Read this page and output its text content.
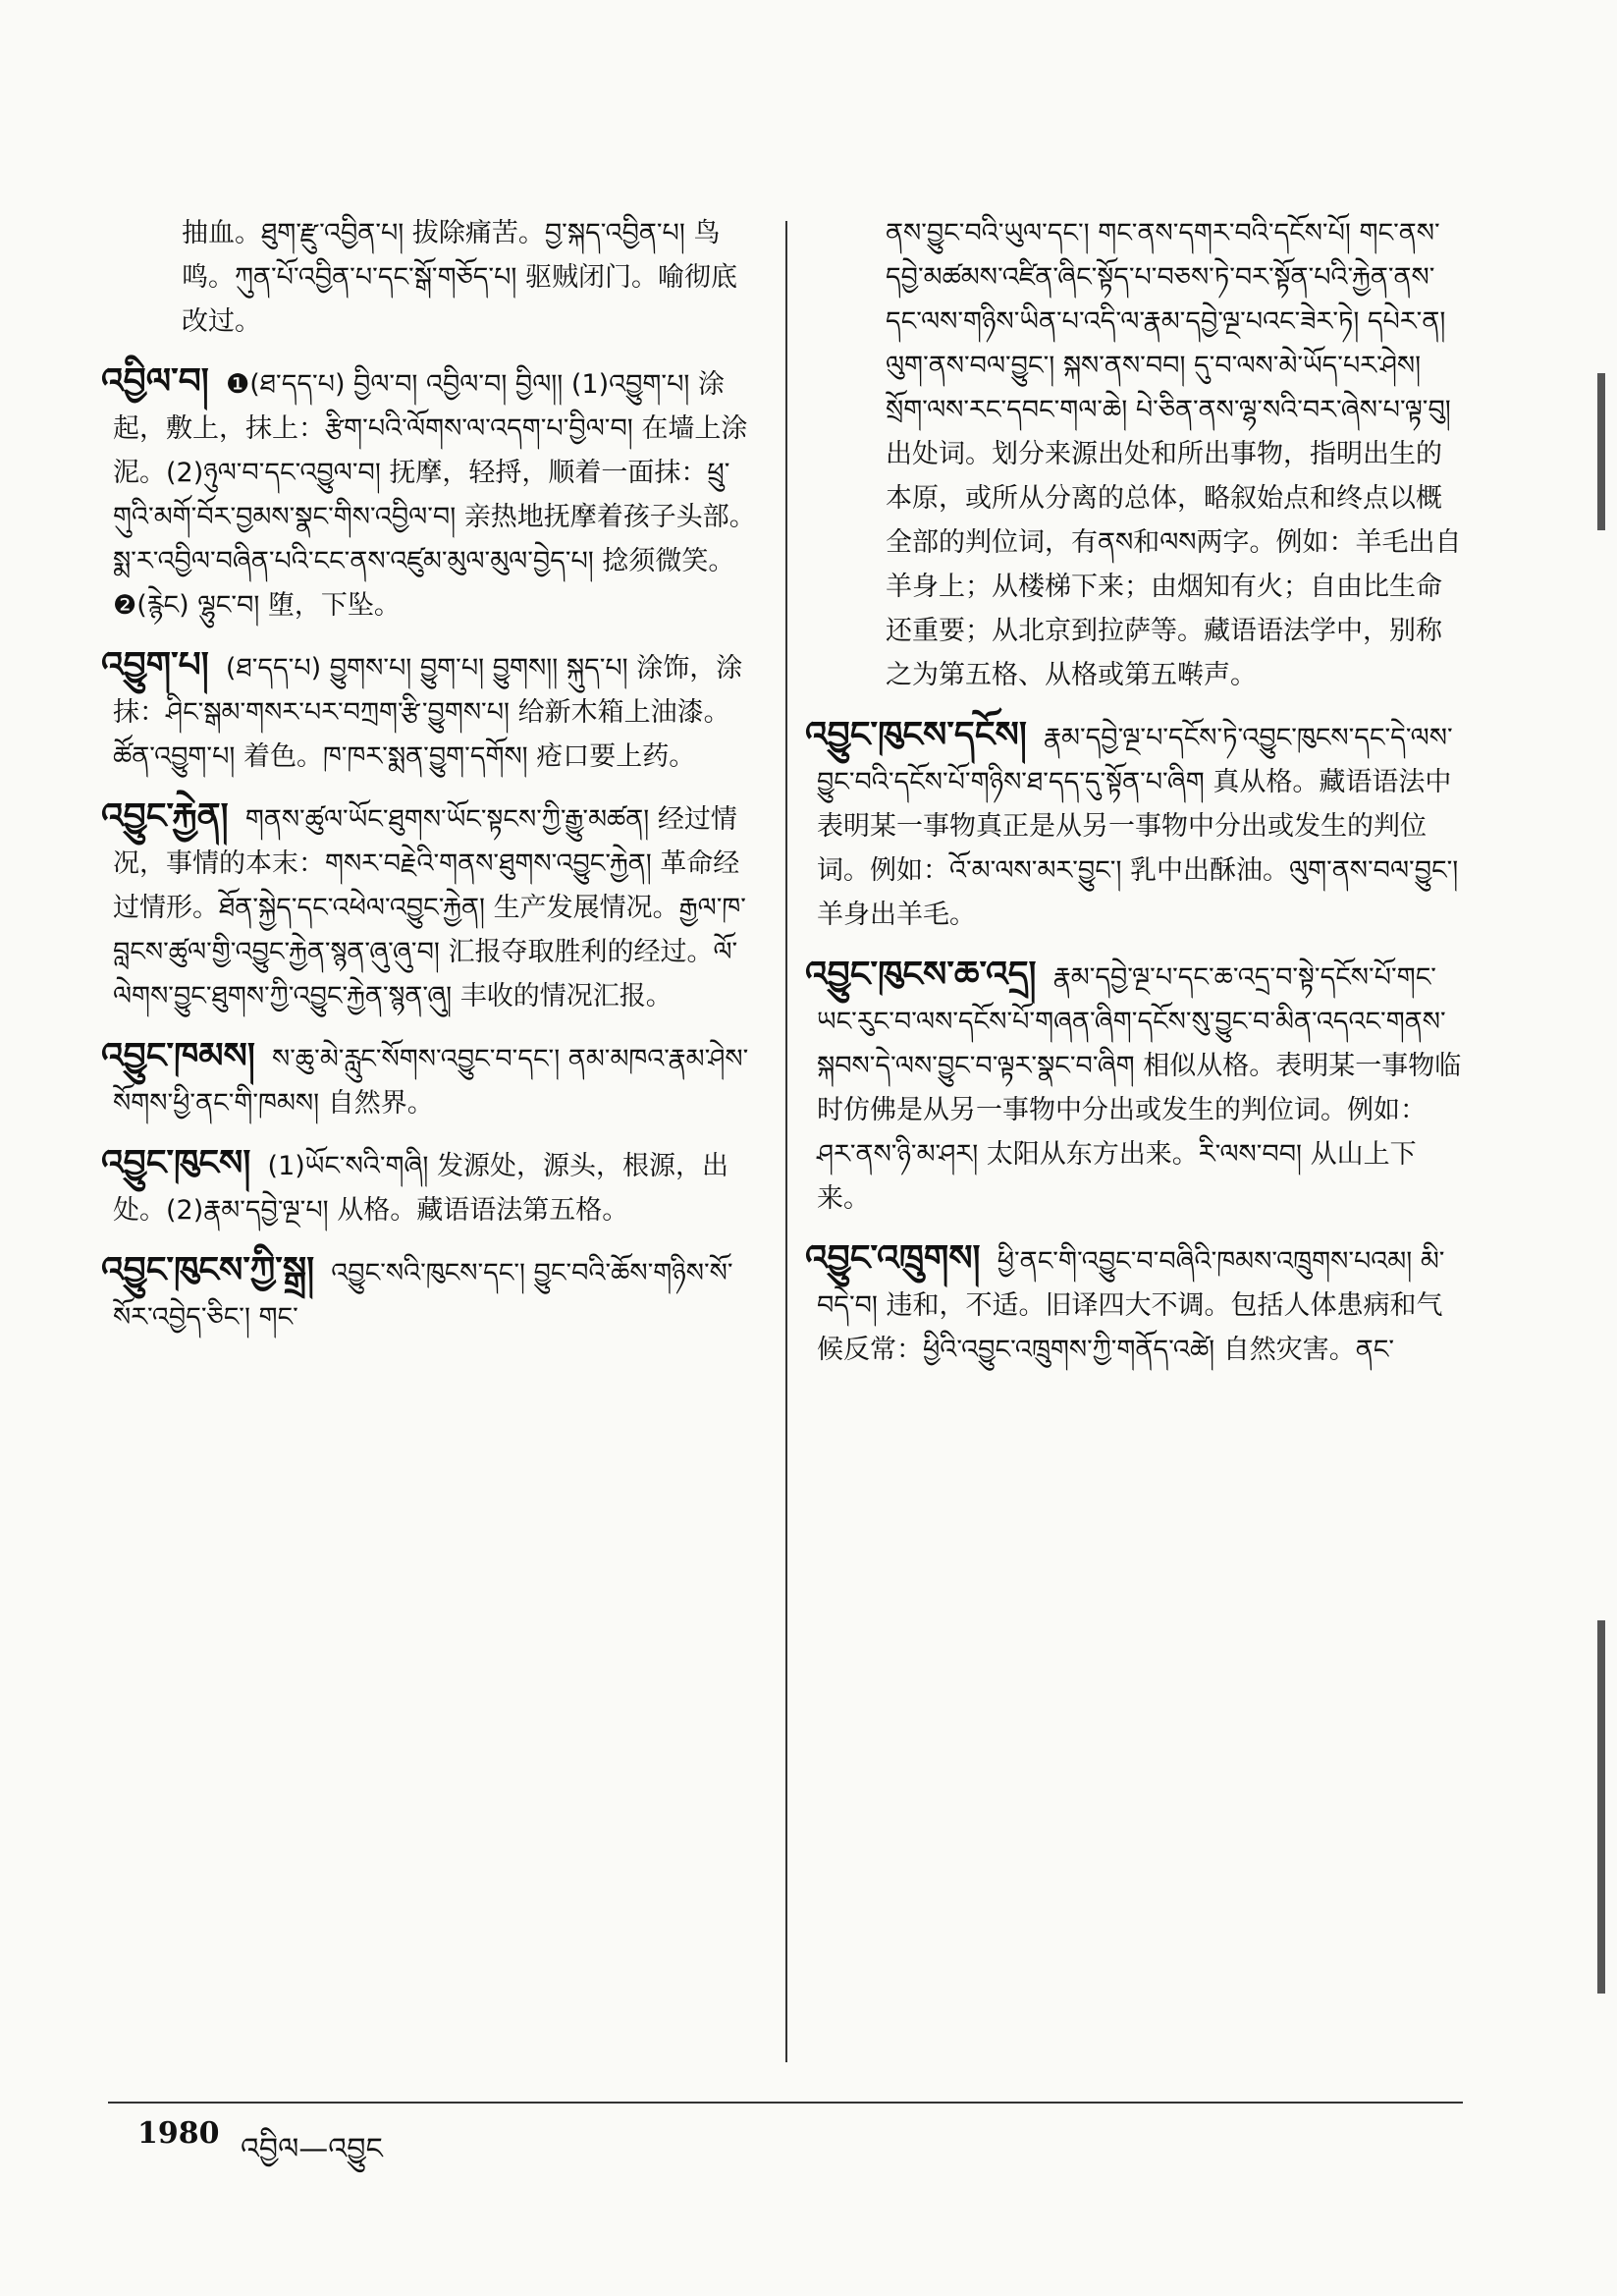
抽血。ཐུག་རྫུ་འབྱིན་པ། 拔除痛苦。བྱ་སྐད་འབྱིན་པ། 鸟鸣。ཀུན་པོ་འབྱིན་པ་དང་སྒོ་གཅོད་པ། 驱贼闭门。喻彻底改过。

འབྱིལ་བ། ❶(ཐ་དད་པ) བྱིལ་བ། འབྱིལ་བ། བྱིལ།། (1)འབྱུག་པ། 涂起，敷上，抹上：རྩིག་པའི་ལོགས་ལ་འདག་པ་བྱིལ་བ། 在墙上涂泥。(2)ཉུལ་བ་དང་འབྱུལ་བ། 抚摩，轻捋，顺着一面抹：ཕྲུ་གུའི་མགོ་བོར་བྱམས་སྣང་གིས་འབྱིལ་བ། 亲热地抚摩着孩子头部。སྨ་ར་འབྱིལ་བཞིན་པའི་ངང་ནས་འཛུམ་མུལ་མུལ་བྱེད་པ། 捻须微笑。❷(རྙེང) ལྷུང་བ། 堕，下坠。

འབྱུག་པ། (ཐ་དད་པ) བྱུགས་པ། བྱུག་པ། བྱུགས།། སྐུད་པ། 涂饰，涂抹：ཤིང་སྒམ་གསར་པར་བཀྲག་རྩི་བྱུགས་པ། 给新木箱上油漆。ཚོན་འབྱུག་པ། 着色。ཁ་ཁར་སྨན་བྱུག་དགོས། 疮口要上药。

འབྱུང་རྐྱེན། གནས་ཚུལ་ཡོང་ཐུགས་ཡོང་སྟངས་ཀྱི་རྒྱུ་མཚན། 经过情况，事情的本末：གསར་བརྗེའི་གནས་ཐུགས་འབྱུང་རྐྱེན། 革命经过情形。ཐོན་སྐྱེད་དང་འཕེལ་འབྱུང་རྐྱེན། 生产发展情况。རྒྱལ་ཁ་བླངས་ཚུལ་གྱི་འབྱུང་རྐྱེན་སྙན་ཞུ་ཞུ་བ། 汇报夺取胜利的经过。ལོ་ལེགས་བྱུང་ཐུགས་ཀྱི་འབྱུང་རྐྱེན་སྙན་ཞུ། 丰收的情况汇报。

འབྱུང་ཁམས། ས་ཆུ་མེ་རླུང་སོགས་འབྱུང་བ་དང་། ནམ་མཁའ་རྣམ་ཤེས་སོགས་ཕྱི་ནང་གི་ཁམས། 自然界。

འབྱུང་ཁུངས། (1)ཡོང་སའི་གཞི། 发源处，源头，根源，出处。(2)རྣམ་དབྱེ་ལྔ་པ། 从格。藏语语法第五格。

འབྱུང་ཁུངས་ཀྱི་སྒྲ། འབྱུང་སའི་ཁུངས་དང་། བྱུང་བའི་ཆོས་གཉིས་སོ་སོར་འབྱེད་ཅིང་། གང་

ནས་བྱུང་བའི་ཡུལ་དང་། གང་ནས་དགར་བའི་དངོས་པོ། གང་ནས་དབྱེ་མཚམས་འཛིན་ཞིང་སྟོད་པ་བཅས་ཏེ་བར་སྟོན་པའི་རྐྱེན་ནས་དང་ལས་གཉིས་ཡིན་པ་འདི་ལ་རྣམ་དབྱེ་ལྔ་པའང་ཟེར་ཏེ། དཔེར་ན། ལུག་ནས་བལ་བྱུང་། སྐས་ནས་བབ། དུ་བ་ལས་མེ་ཡོད་པར་ཤེས། སྲོག་ལས་རང་དབང་གལ་ཆེ། པེ་ཅིན་ནས་ལྷ་སའི་བར་ཞེས་པ་ལྟ་བུ། 出处词。划分来源出处和所出事物，指明出生的本原，或所从分离的总体，略叙始点和终点以概全部的判位词，有ནས和ལས两字。例如：羊毛出自羊身上；从楼梯下来；由烟知有火；自由比生命还重要；从北京到拉萨等。藏语语法学中，别称之为第五格、从格或第五啭声。

འབྱུང་ཁུངས་དངོས། རྣམ་དབྱེ་ལྔ་པ་དངོས་ཏེ་འབྱུང་ཁུངས་དང་དེ་ལས་བྱུང་བའི་དངོས་པོ་གཉིས་ཐ་དད་དུ་སྟོན་པ་ཞིག 真从格。藏语语法中表明某一事物真正是从另一事物中分出或发生的判位词。例如：འོ་མ་ལས་མར་བྱུང་། 乳中出酥油。ལུག་ནས་བལ་བྱུང་། 羊身出羊毛。

འབྱུང་ཁུངས་ཆ་འདྲ། རྣམ་དབྱེ་ལྔ་པ་དང་ཆ་འདྲ་བ་སྟེ་དངོས་པོ་གང་ཡང་རུང་བ་ལས་དངོས་པོ་གཞན་ཞིག་དངོས་སུ་བྱུང་བ་མིན་འདའང་གནས་སྐབས་དེ་ལས་བྱུང་བ་ལྟར་སྣང་བ་ཞིག 相似从格。表明某一事物临时仿佛是从另一事物中分出或发生的判位词。例如：ཤར་ནས་ཉི་མ་ཤར། 太阳从东方出来。རི་ལས་བབ། 从山上下来。

འབྱུང་འཁྲུགས། ཕྱི་ནང་གི་འབྱུང་བ་བཞིའི་ཁམས་འཁྲུགས་པའམ། མི་བདེ་བ། 违和，不适。旧译四大不调。包括人体患病和气候反常：ཕྱིའི་འབྱུང་འཁྲུགས་ཀྱི་གནོད་འཚེ། 自然灾害。ནང་

1980 འབྱིལ—འབྱུང
